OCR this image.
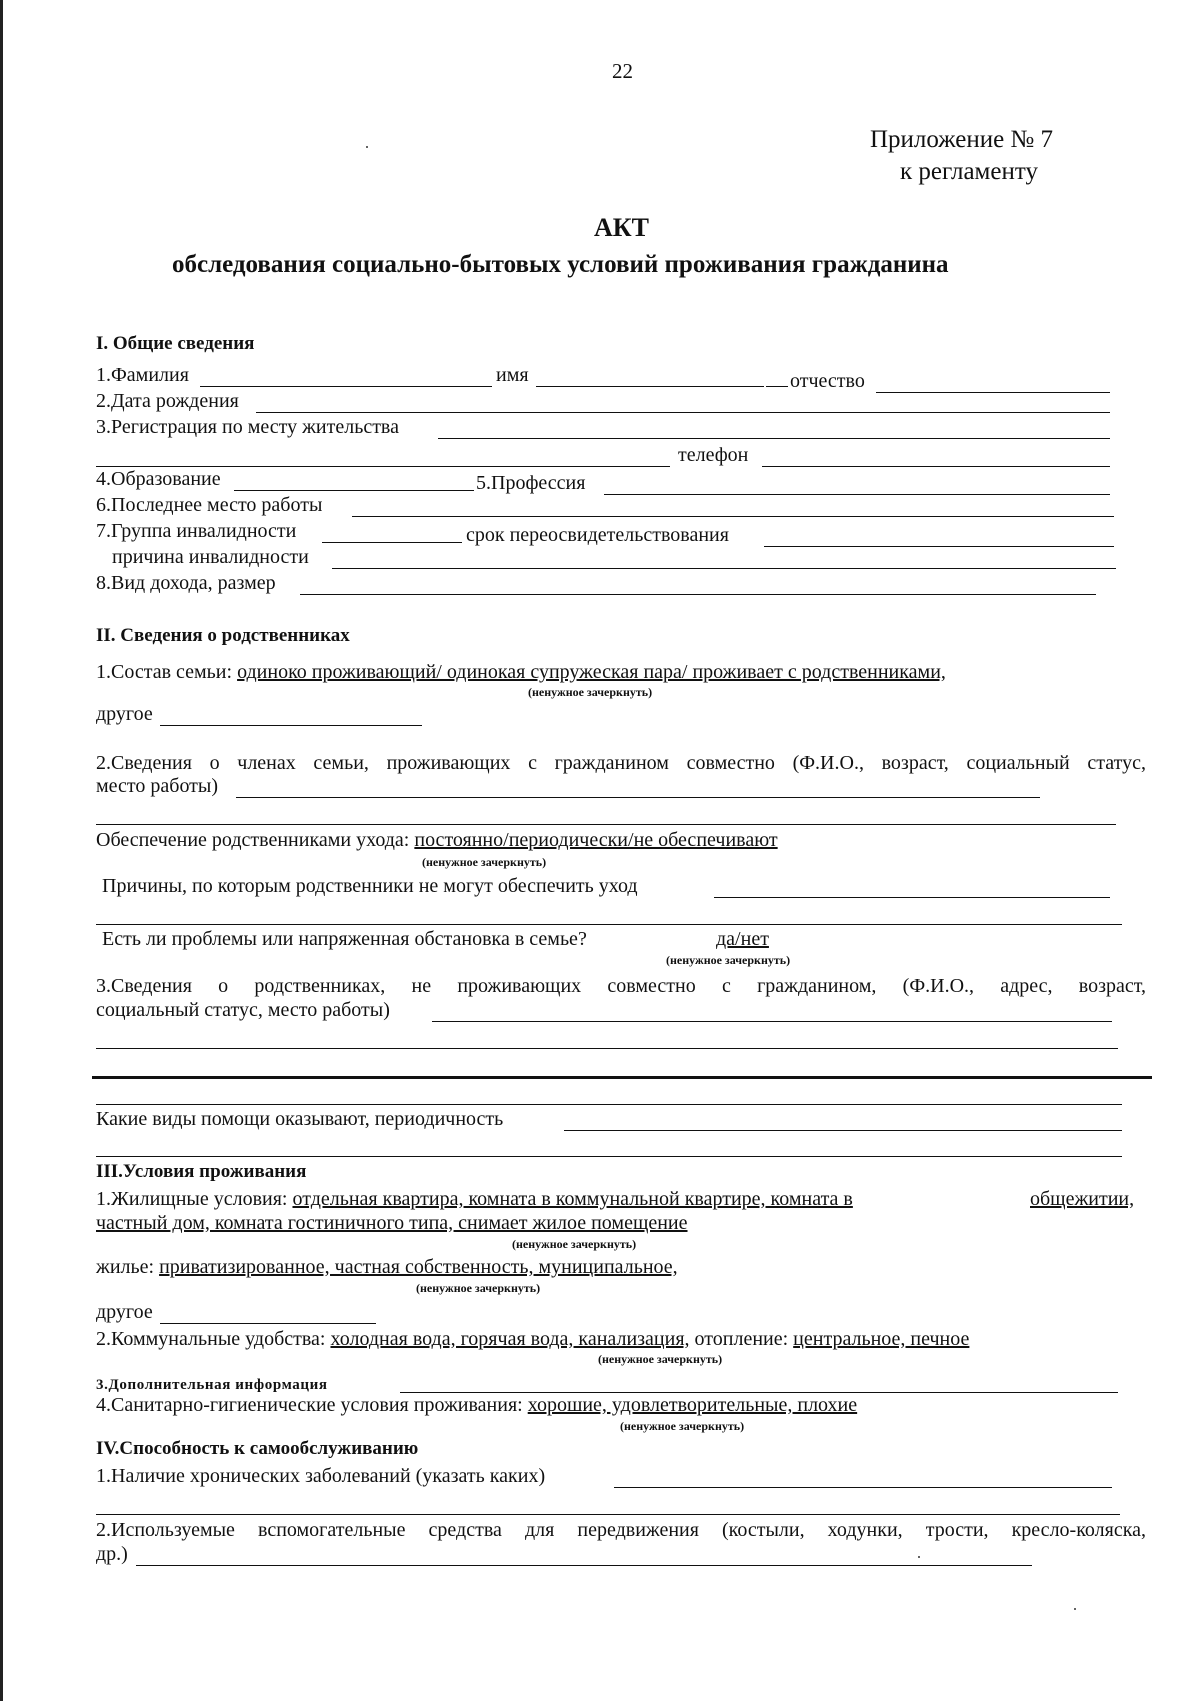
22
Приложение № 7
к регламенту
АКТ
обследования социально-бытовых условий проживания гражданина
I. Общие сведения
1.Фамилия	имя	отчество
2.Дата рождения
3.Регистрация по месту жительства
телефон
4.Образование	5.Профессия
6.Последнее место работы
7.Группа инвалидности	срок переосвидетельствования
причина инвалидности
8.Вид дохода, размер
II. Сведения о родственниках
1.Состав семьи: одиноко проживающий/ одинокая супружеская пара/ проживает с родственниками,
(ненужное зачеркнуть)
другое
2.Сведения о членах семьи, проживающих с гражданином совместно (Ф.И.О., возраст, социальный статус,
место работы)
Обеспечение родственниками ухода: постоянно/периодически/не обеспечивают
(ненужное зачеркнуть)
Причины, по которым родственники не могут обеспечить уход
Есть ли проблемы или напряженная обстановка в семье?	да/нет
(ненужное зачеркнуть)
3.Сведения о родственниках, не проживающих совместно с гражданином, (Ф.И.О., адрес, возраст,
социальный статус, место работы)
Какие виды помощи оказывают, периодичность
III.Условия проживания
1.Жилищные условия: отдельная квартира, комната в коммунальной квартире, комната в	общежитии,
частный дом, комната гостиничного типа, снимает жилое помещение
(ненужное зачеркнуть)
жилье: приватизированное, частная собственность, муниципальное,
(ненужное зачеркнуть)
другое
2.Коммунальные удобства: холодная вода, горячая вода, канализация, отопление: центральное, печное
(ненужное зачеркнуть)
3.Дополнительная информация
4.Санитарно-гигиенические условия проживания: хорошие, удовлетворительные, плохие
(ненужное зачеркнуть)
IV.Способность к самообслуживанию
1.Наличие хронических заболеваний (указать каких)
2.Используемые вспомогательные средства для передвижения (костыли, ходунки, трости, кресло-коляска,
др.)
